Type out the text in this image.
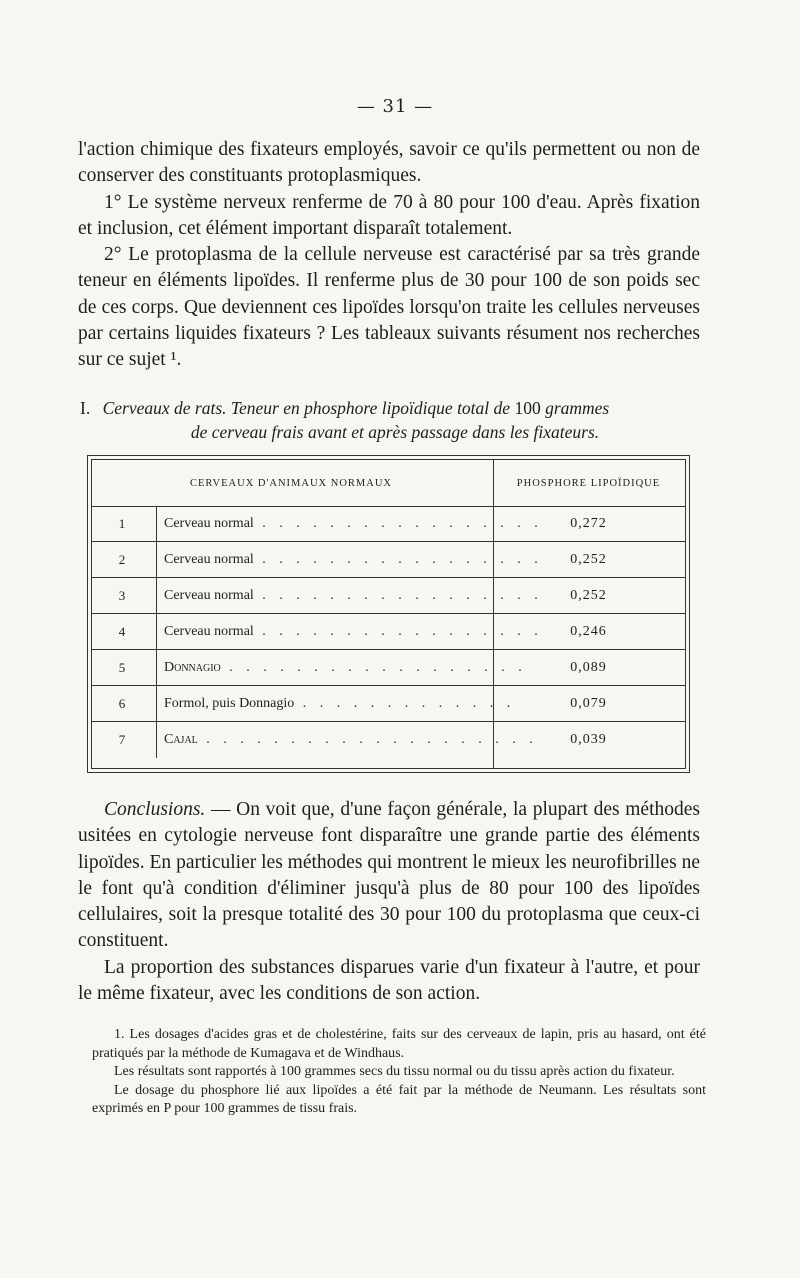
— 31 —

l'action chimique des fixateurs employés, savoir ce qu'ils permettent ou non de conserver des constituants protoplasmiques.

1° Le système nerveux renferme de 70 à 80 pour 100 d'eau. Après fixation et inclusion, cet élément important disparaît totalement.

2° Le protoplasma de la cellule nerveuse est caractérisé par sa très grande teneur en éléments lipoïdes. Il renferme plus de 30 pour 100 de son poids sec de ces corps. Que deviennent ces lipoïdes lorsqu'on traite les cellules nerveuses par certains liquides fixateurs ? Les tableaux suivants résument nos recherches sur ce sujet ¹.

I. Cerveaux de rats. Teneur en phosphore lipoïdique total de 100 grammes
de cerveau frais avant et après passage dans les fixateurs.
CERVEAUX D'ANIMAUX NORMAUX	PHOSPHORE LIPOÏDIQUE
1	Cerveau normal . . . . . . . . . . . . . . . . .	0,272
2	Cerveau normal . . . . . . . . . . . . . . . . .	0,252
3	Cerveau normal . . . . . . . . . . . . . . . . .	0,252
4	Cerveau normal . . . . . . . . . . . . . . . . .	0,246
5	Donnagio . . . . . . . . . . . . . . . . . .	0,089
6	Formol, puis Donnagio . . . . . . . . . . . . .	0,079
7	Cajal . . . . . . . . . . . . . . . . . . . .	0,039

Conclusions. — On voit que, d'une façon générale, la plupart des méthodes usitées en cytologie nerveuse font disparaître une grande partie des éléments lipoïdes. En particulier les méthodes qui montrent le mieux les neurofibrilles ne le font qu'à condition d'éliminer jusqu'à plus de 80 pour 100 des lipoïdes cellulaires, soit la presque totalité des 30 pour 100 du protoplasma que ceux-ci constituent.

La proportion des substances disparues varie d'un fixateur à l'autre, et pour le même fixateur, avec les conditions de son action.

1. Les dosages d'acides gras et de cholestérine, faits sur des cerveaux de lapin, pris au hasard, ont été pratiqués par la méthode de Kumagava et de Windhaus.

Les résultats sont rapportés à 100 grammes secs du tissu normal ou du tissu après action du fixateur.

Le dosage du phosphore lié aux lipoïdes a été fait par la méthode de Neumann. Les résultats sont exprimés en P pour 100 grammes de tissu frais.
